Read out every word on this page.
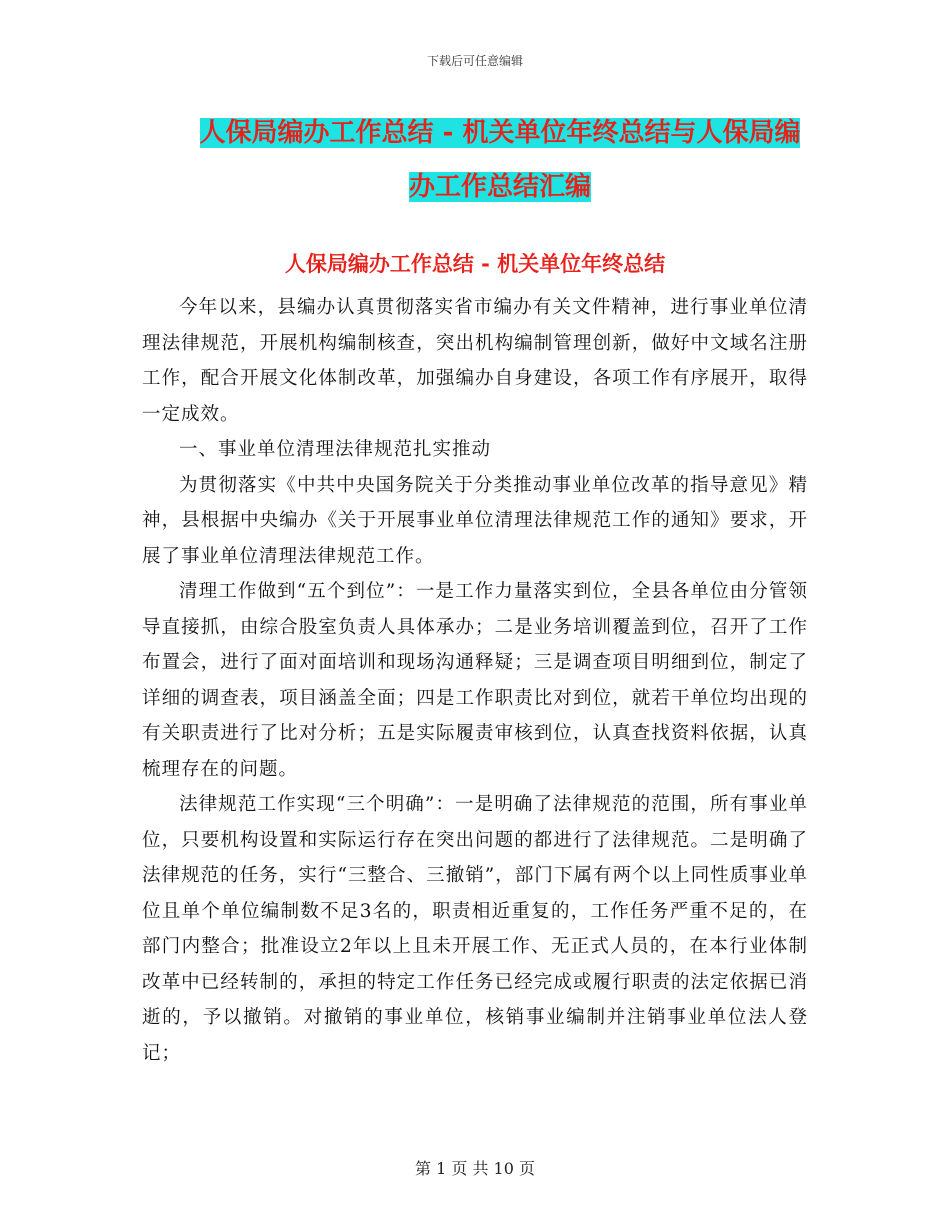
下载后可任意编辑
人保局编办工作总结 - 机关单位年终总结与人保局编
办工作总结汇编
人保局编办工作总结 - 机关单位年终总结

今年以来，县编办认真贯彻落实省市编办有关文件精神，进行事业单位清理法律规范，开展机构编制核查，突出机构编制管理创新，做好中文域名注册工作，配合开展文化体制改革，加强编办自身建设，各项工作有序展开，取得一定成效。

一、事业单位清理法律规范扎实推动

为贯彻落实《中共中央国务院关于分类推动事业单位改革的指导意见》精神，县根据中央编办《关于开展事业单位清理法律规范工作的通知》要求，开展了事业单位清理法律规范工作。

清理工作做到“五个到位”：一是工作力量落实到位，全县各单位由分管领导直接抓，由综合股室负责人具体承办；二是业务培训覆盖到位，召开了工作布置会，进行了面对面培训和现场沟通释疑；三是调查项目明细到位，制定了详细的调查表，项目涵盖全面；四是工作职责比对到位，就若干单位均出现的有关职责进行了比对分析；五是实际履责审核到位，认真查找资料依据，认真梳理存在的问题。

法律规范工作实现“三个明确”：一是明确了法律规范的范围，所有事业单位，只要机构设置和实际运行存在突出问题的都进行了法律规范。二是明确了法律规范的任务，实行“三整合、三撤销”，部门下属有两个以上同性质事业单位且单个单位编制数不足3名的，职责相近重复的，工作任务严重不足的，在部门内整合；批准设立2年以上且未开展工作、无正式人员的，在本行业体制改革中已经转制的，承担的特定工作任务已经完成或履行职责的法定依据已消逝的，予以撤销。对撤销的事业单位，核销事业编制并注销事业单位法人登记；

第 1 页 共 10 页
